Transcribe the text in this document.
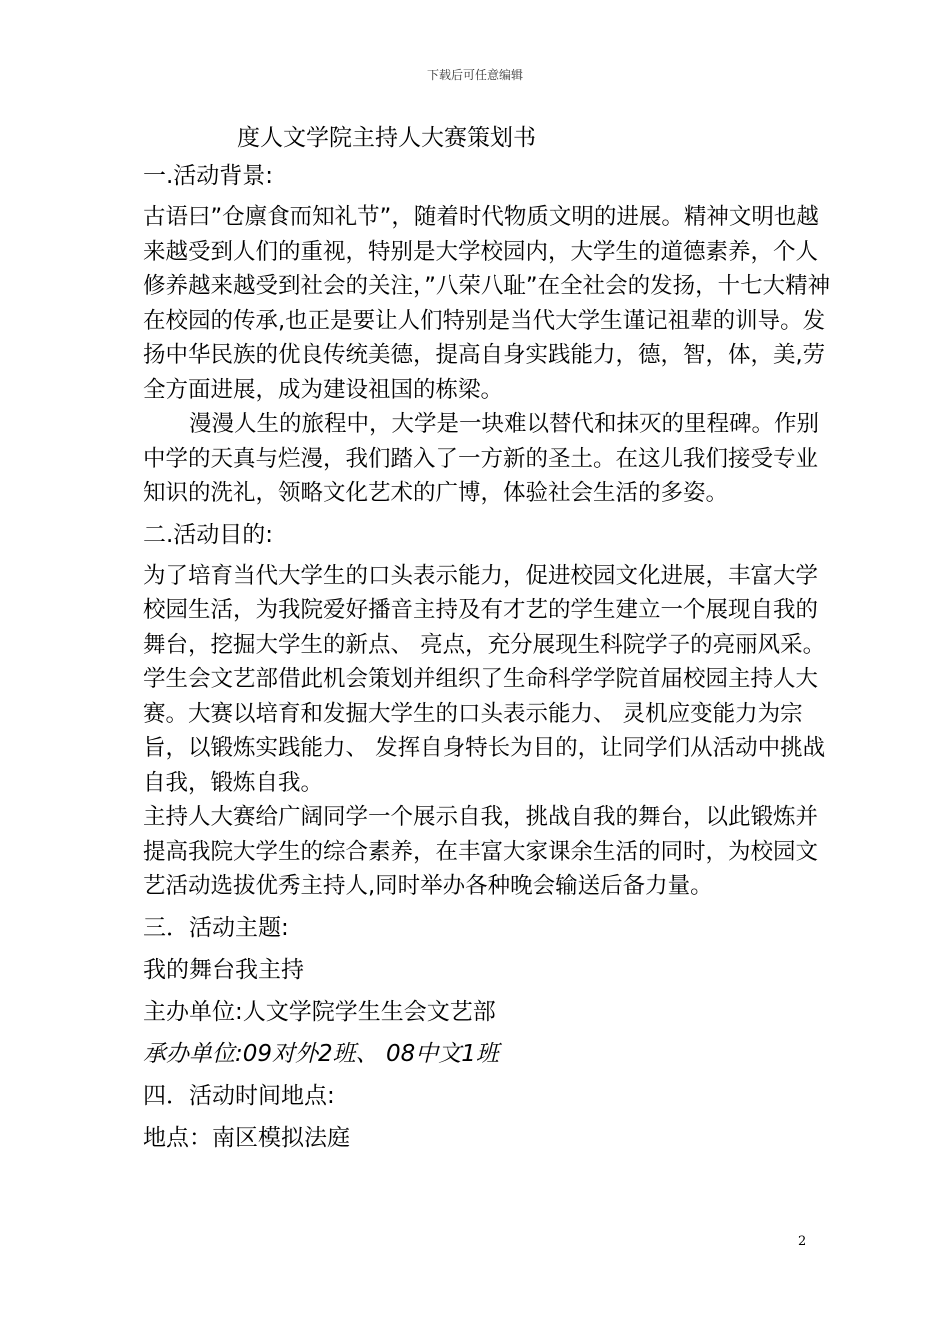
下载后可任意编辑
度人文学院主持人大赛策划书
一.活动背景:

古语曰”仓廪食而知礼节”，随着时代物质文明的进展。精神文明也越来越受到人们的重视，特别是大学校园内，大学生的道德素养，个人修养越来越受到社会的关注，”八荣八耻”在全社会的发扬，十七大精神在校园的传承,也正是要让人们特别是当代大学生谨记祖辈的训导。发扬中华民族的优良传统美德，提高自身实践能力，德，智，体，美,劳全方面进展，成为建设祖国的栋梁。

漫漫人生的旅程中，大学是一块难以替代和抹灭的里程碑。作别中学的天真与烂漫，我们踏入了一方新的圣土。在这儿我们接受专业知识的洗礼，领略文化艺术的广博，体验社会生活的多姿。

二.活动目的:

为了培育当代大学生的口头表示能力，促进校园文化进展，丰富大学校园生活，为我院爱好播音主持及有才艺的学生建立一个展现自我的舞台，挖掘大学生的新点、 亮点，充分展现生科院学子的亮丽风采。学生会文艺部借此机会策划并组织了生命科学学院首届校园主持人大赛。大赛以培育和发掘大学生的口头表示能力、 灵机应变能力为宗旨，以锻炼实践能力、 发挥自身特长为目的，让同学们从活动中挑战自我，锻炼自我。

主持人大赛给广阔同学一个展示自我，挑战自我的舞台，以此锻炼并提高我院大学生的综合素养，在丰富大家课余生活的同时，为校园文艺活动选拔优秀主持人,同时举办各种晚会输送后备力量。

三．活动主题:
我的舞台我主持
主办单位:人文学院学生生会文艺部
承办单位:09对外2班、 08中文1班
四．活动时间地点:
地点：南区模拟法庭
2
